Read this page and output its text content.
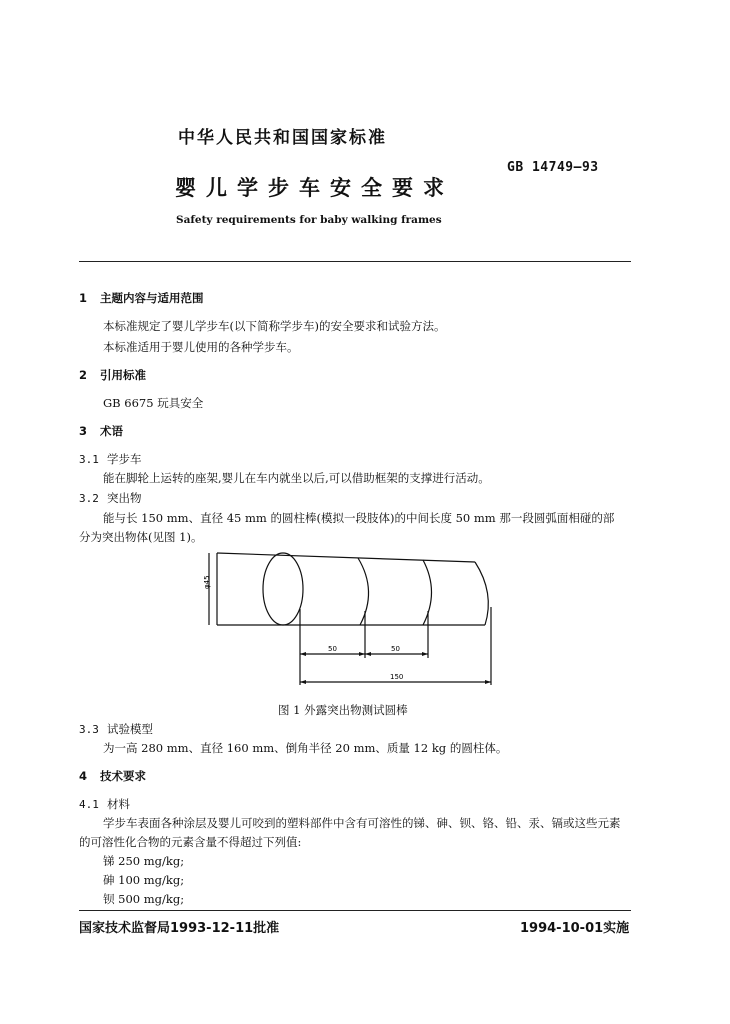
中华人民共和国国家标准
GB 14749—93
婴儿学步车安全要求
Safety requirements for baby walking frames
1 主题内容与适用范围
本标准规定了婴儿学步车(以下简称学步车)的安全要求和试验方法。
本标准适用于婴儿使用的各种学步车。
2 引用标准
GB 6675 玩具安全
3 术语
3.1 学步车
能在脚轮上运转的座架,婴儿在车内就坐以后,可以借助框架的支撑进行活动。
3.2 突出物
能与长 150 mm、直径 45 mm 的圆柱棒(模拟一段肢体)的中间长度 50 mm 那一段圆弧面相碰的部
分为突出物体(见图 1)。
φ45
50	50
150
图 1 外露突出物测试圆棒
3.3 试验模型
为一高 280 mm、直径 160 mm、倒角半径 20 mm、质量 12 kg 的圆柱体。
4 技术要求
4.1 材料
学步车表面各种涂层及婴儿可咬到的塑料部件中含有可溶性的锑、砷、钡、铬、铅、汞、镉或这些元素
的可溶性化合物的元素含量不得超过下列值:
锑 250 mg/kg;
砷 100 mg/kg;
钡 500 mg/kg;
国家技术监督局1993-12-11批准	1994-10-01实施
